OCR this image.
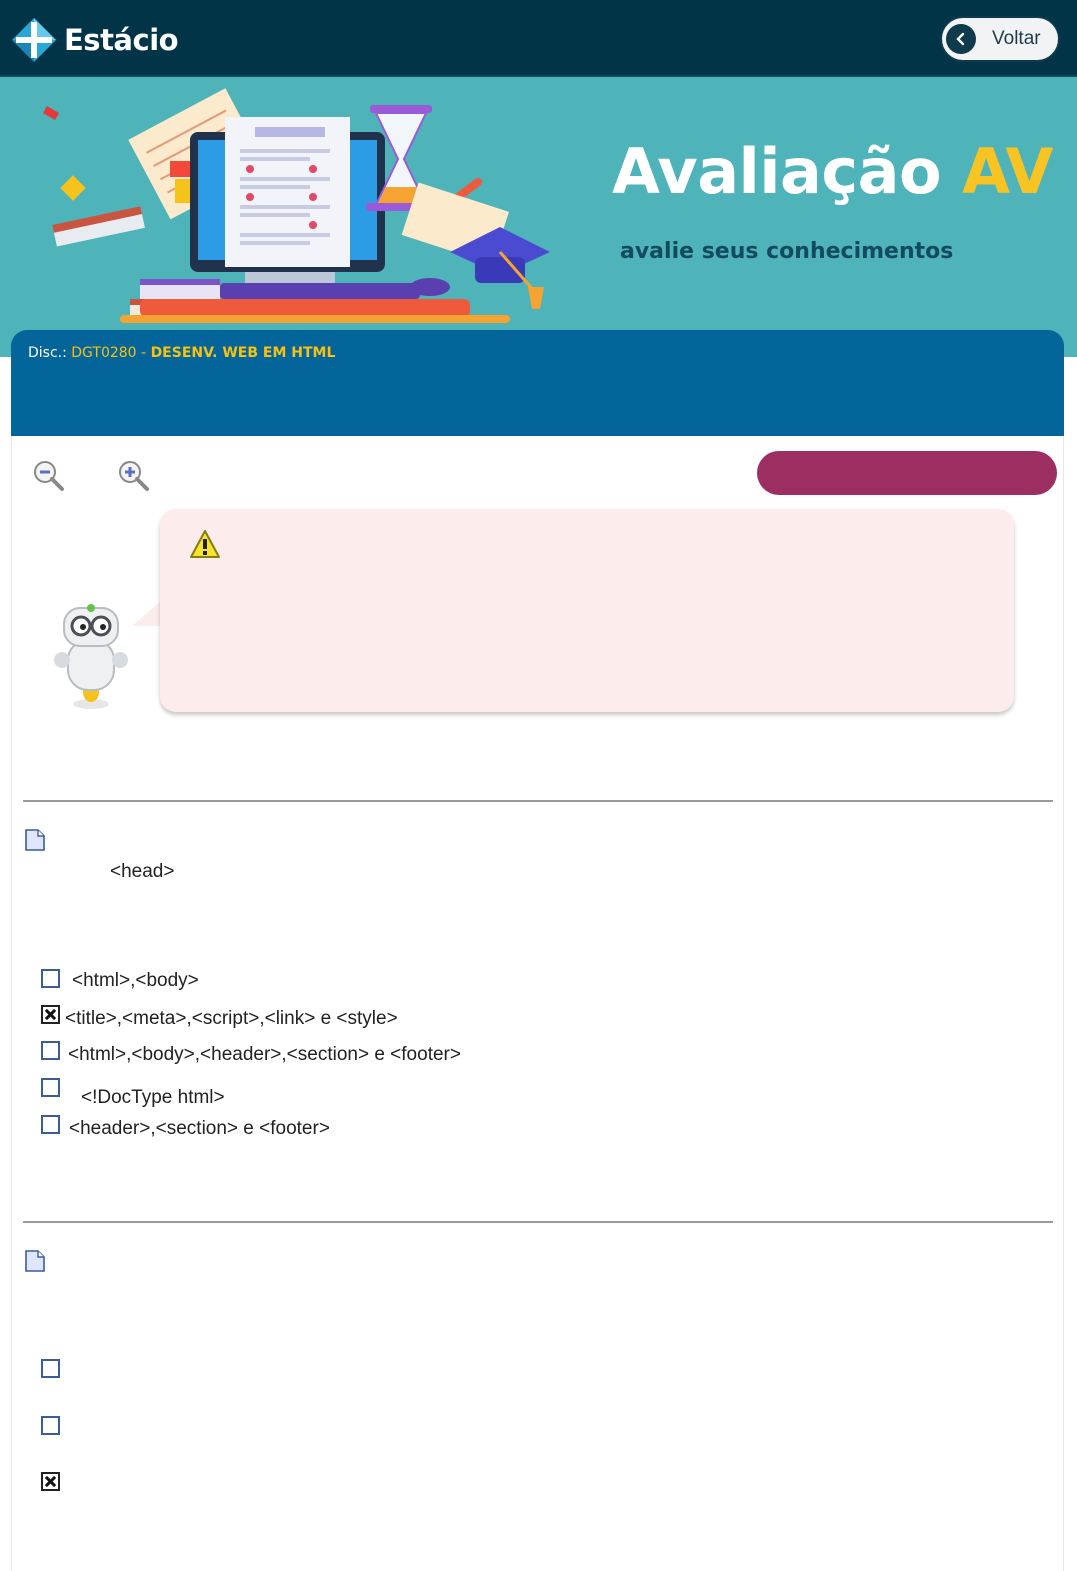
Estácio	Voltar
Avaliação AV
avalie seus conhecimentos
Disc.: DGT0280 - DESENV. WEB EM HTML
<head>
<html>,<body>
<title>,<meta>,<script>,<link> e <style>
<html>,<body>,<header>,<section> e <footer>
<!DocType html>
<header>,<section> e <footer>
